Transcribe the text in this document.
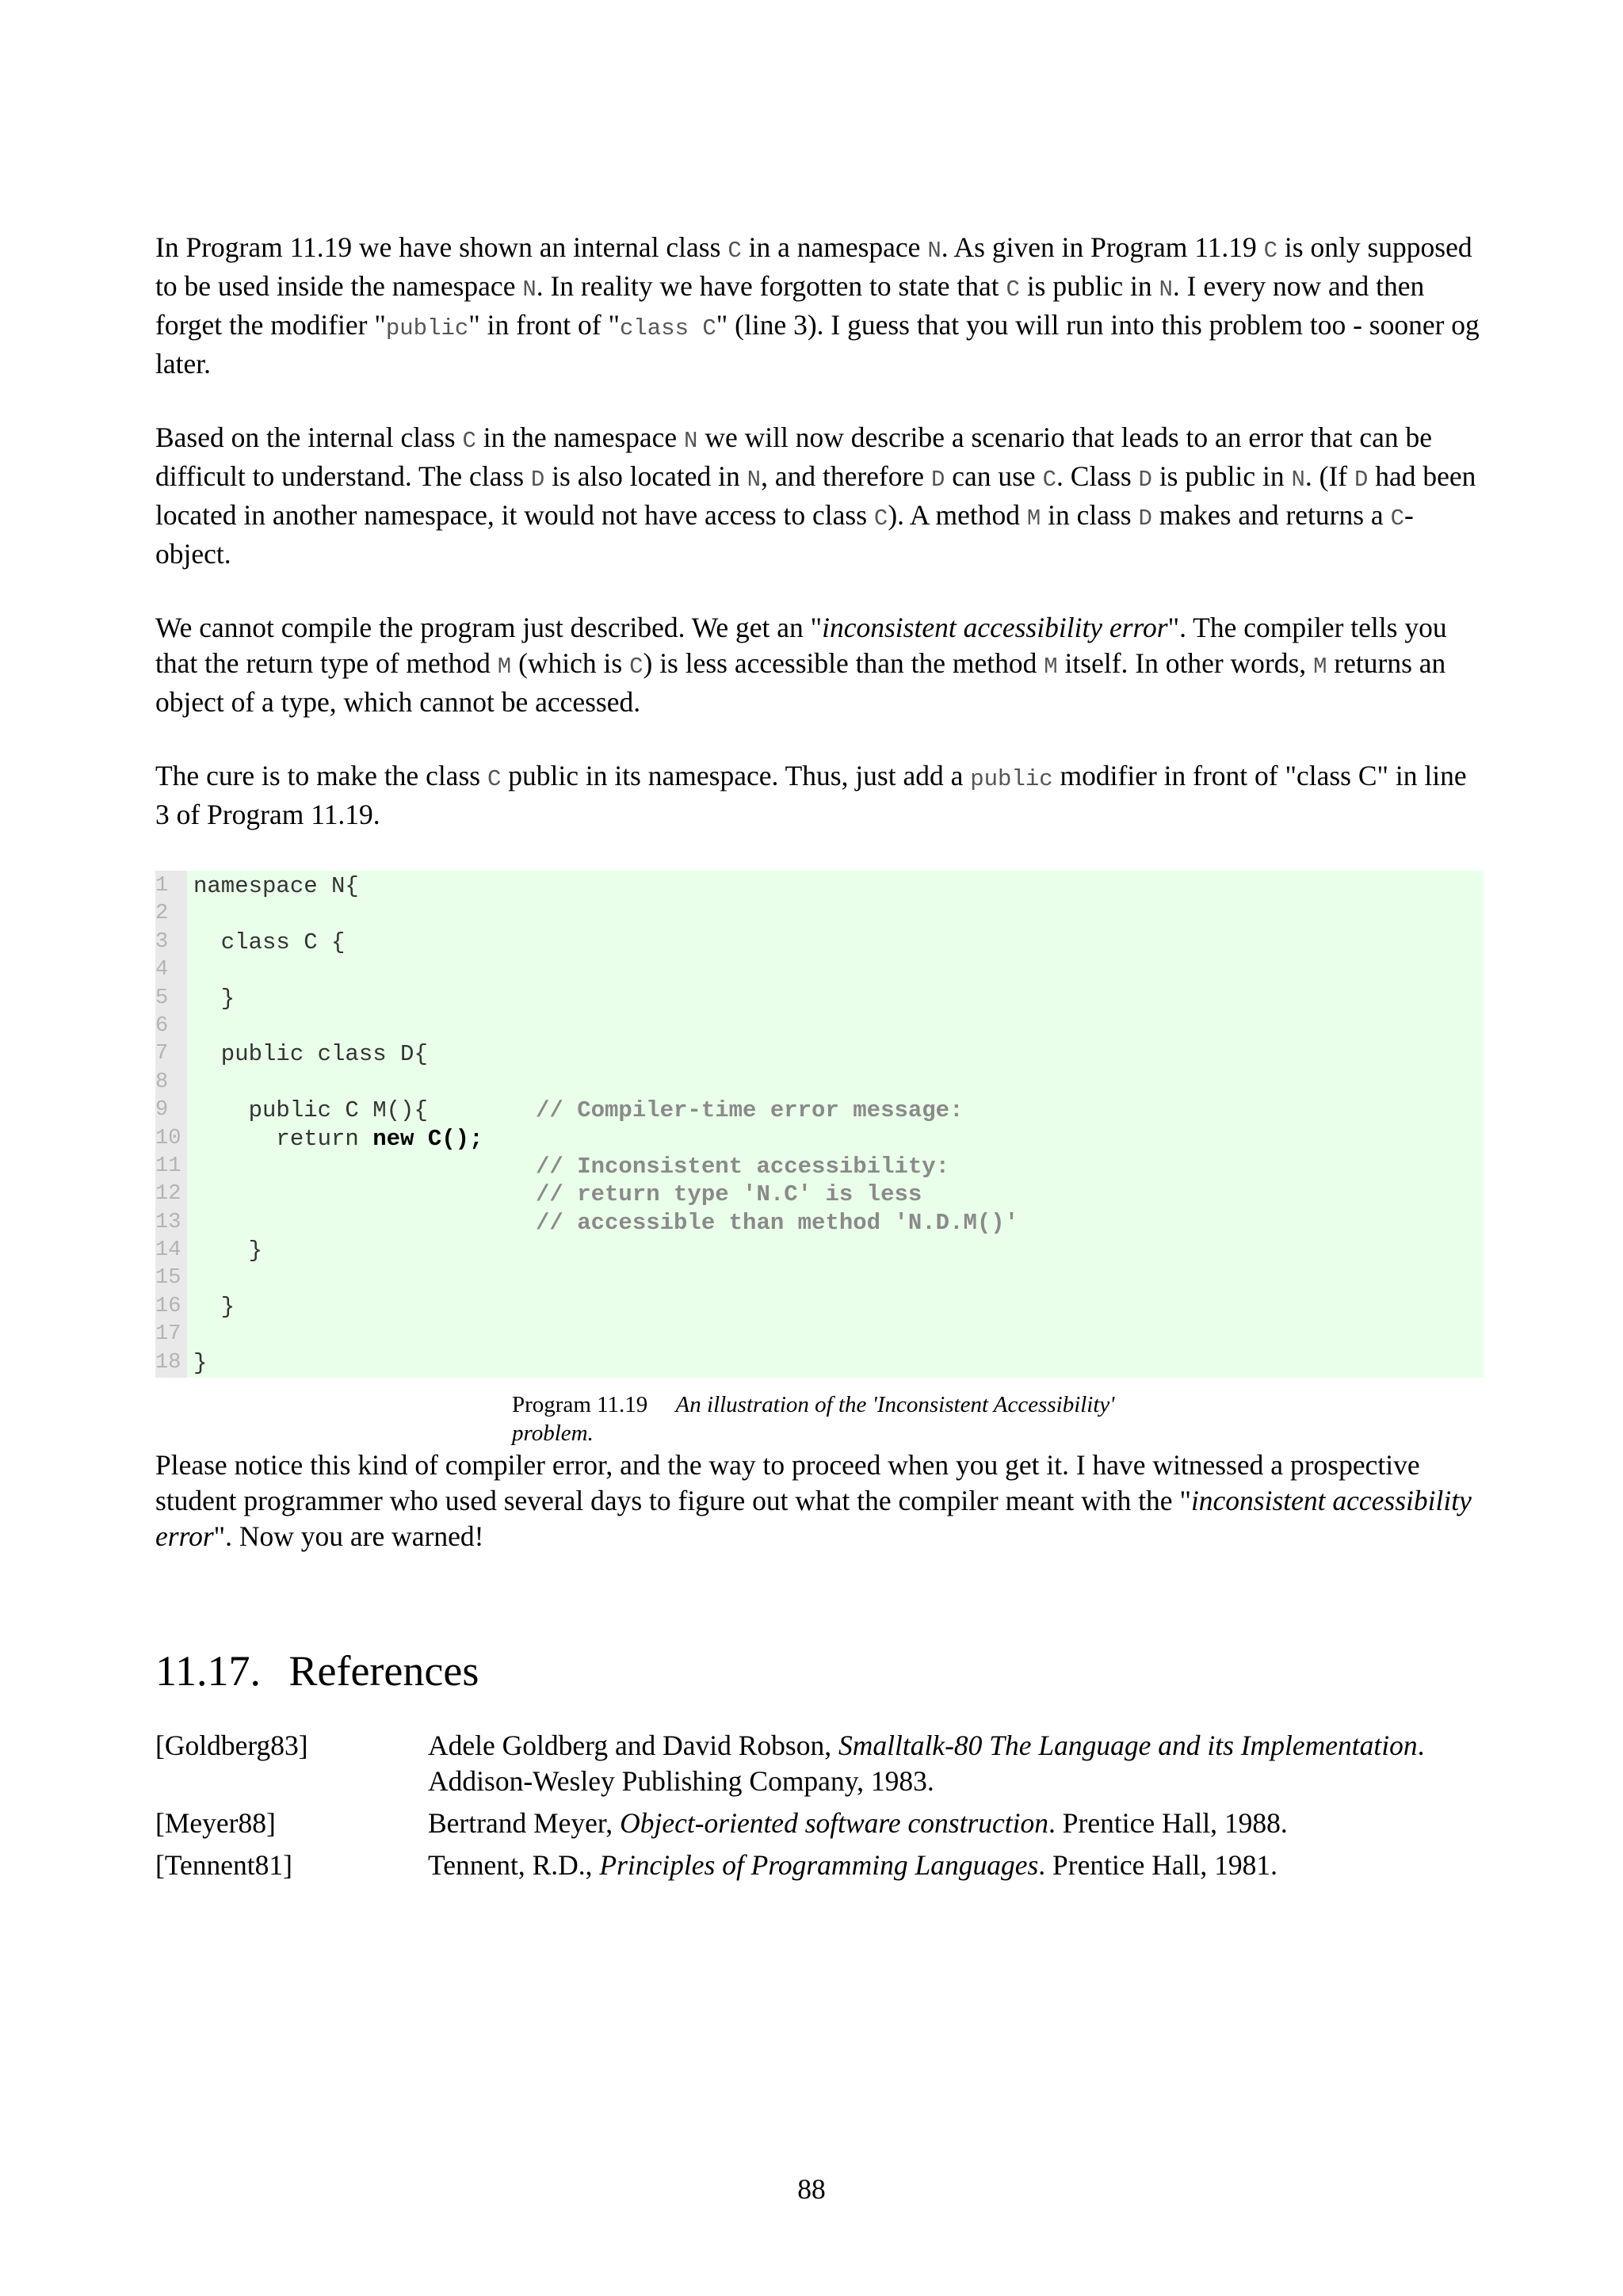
In Program 11.19 we have shown an internal class C in a namespace N. As given in Program 11.19 C is only supposed to be used inside the namespace N. In reality we have forgotten to state that C is public in N. I every now and then forget the modifier "public" in front of "class C" (line 3). I guess that you will run into this problem too - sooner og later.

Based on the internal class C in the namespace N we will now describe a scenario that leads to an error that can be difficult to understand. The class D is also located in N, and therefore D can use C. Class D is public in N. (If D had been located in another namespace, it would not have access to class C). A method M in class D makes and returns a C-object.

We cannot compile the program just described. We get an "inconsistent accessibility error". The compiler tells you that the return type of method M (which is C) is less accessible than the method M itself. In other words, M returns an object of a type, which cannot be accessed.

The cure is to make the class C public in its namespace. Thus, just add a public modifier in front of "class C" in line 3 of Program 11.19.

1	namespace N{
2
3	class C {
4
5	}
6
7	public class D{
8
9	public C M(){	// Compiler-time error message:
10 return new C();
11	// Inconsistent accessibility:
12	// return type 'N.C' is less
13	// accessible than method 'N.D.M()'
14 }
15
16 }
17
18 }
Program 11.19 An illustration of the 'Inconsistent Accessibility' problem.

Please notice this kind of compiler error, and the way to proceed when you get it. I have witnessed a prospective student programmer who used several days to figure out what the compiler meant with the "inconsistent accessibility error". Now you are warned!

11.17. References
[Goldberg83]	Adele Goldberg and David Robson, Smalltalk-80 The Language and its Implementation. Addison-Wesley Publishing Company, 1983.
[Meyer88]	Bertrand Meyer, Object-oriented software construction. Prentice Hall, 1988.
[Tennent81]	Tennent, R.D., Principles of Programming Languages. Prentice Hall, 1981.
88
